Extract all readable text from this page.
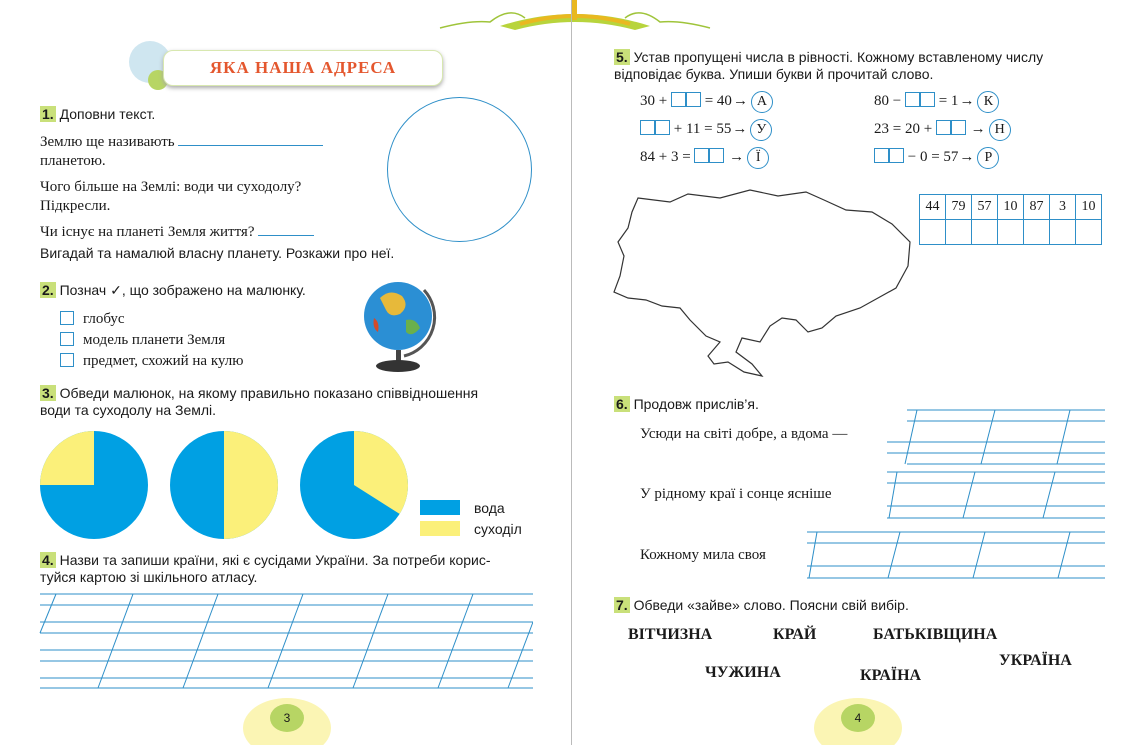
ЯКА НАША АДРЕСА
1. Доповни текст.
Землю ще називають
планетою.
Чого більше на Землі: води чи суходолу?
Підкресли.
Чи існує на планеті Земля життя?
Вигадай та намалюй власну планету. Розкажи про неї.
2. Познач ✓, що зображено на малюнку.
глобус
модель планети Земля
предмет, схожий на кулю
3. Обведи малюнок, на якому правильно показано співвідношення
води та суходолу на Землі.
вода
суходіл
4. Назви та запиши країни, які є сусідами України. За потреби корис-
туйся картою зі шкільного атласу.
3
5. Устав пропущені числа в рівності. Кожному вставленому числу
відповідає буква. Упиши букви й прочитай слово.
30 +	= 40→ А
+ 11 = 55→ У
84 + 3 =	→ Ї
80 −	= 1→ К
23 = 20 +	→ Н
− 0 = 57→ Р
44	79	57	10	87	3	10

6. Продовж прислів’я.
Усюди на світі добре, а вдома —
У рідному краї і сонце ясніше
Кожному мила своя
7. Обведи «зайве» слово. Поясни свій вибір.
ВІТЧИЗНА	КРАЙ	БАТЬКІВЩИНА
УКРАЇНА
ЧУЖИНА	КРАЇНА
4
